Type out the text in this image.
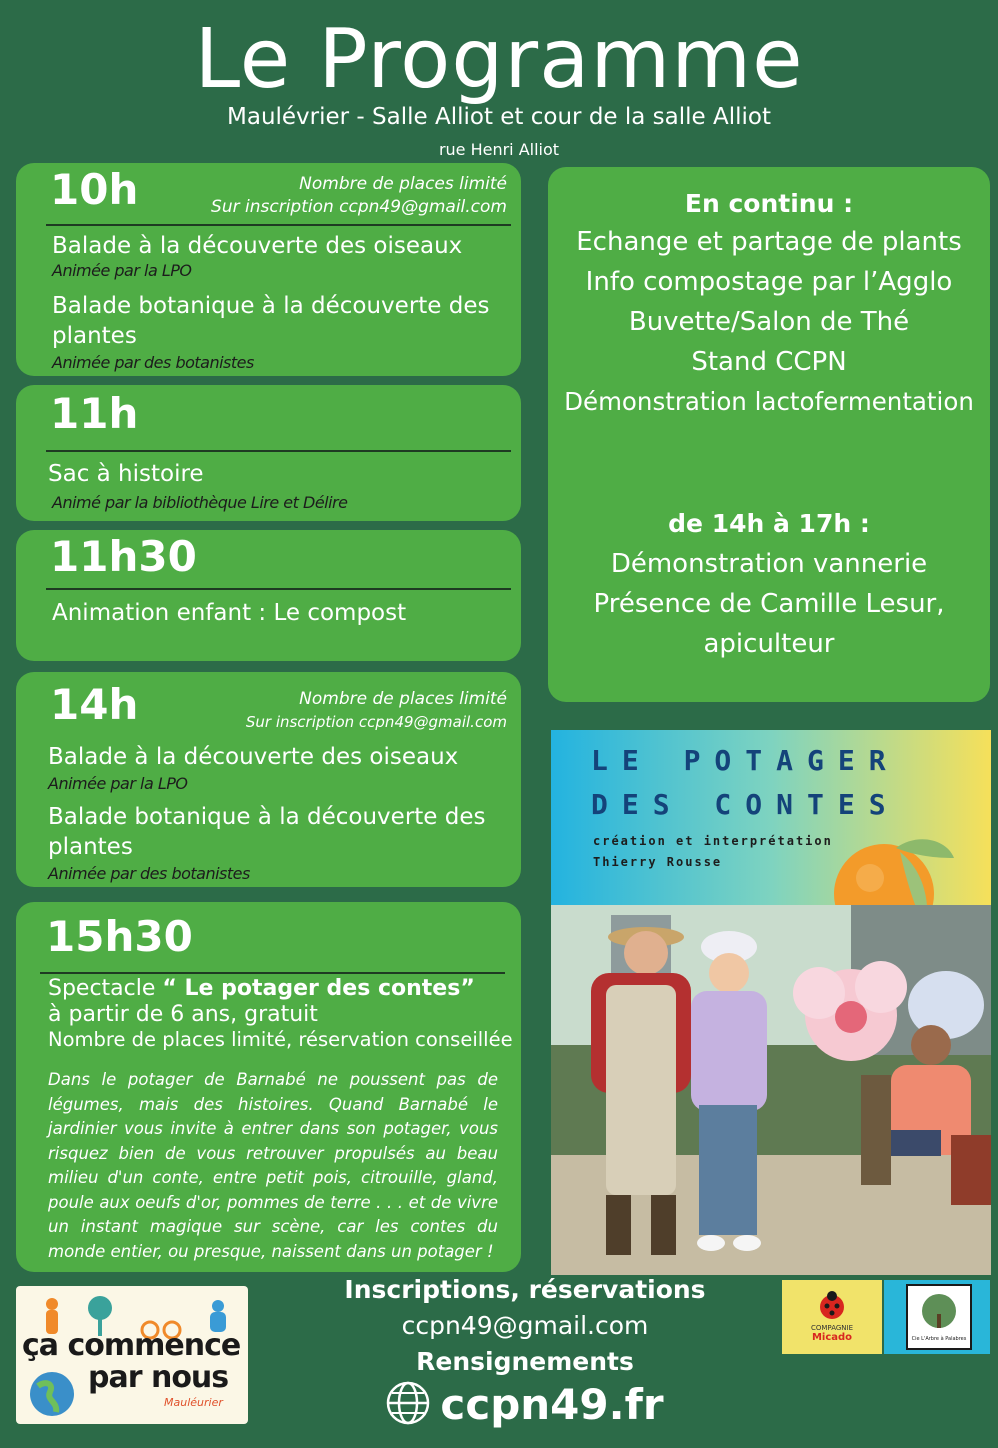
Le Programme
Maulévrier - Salle Alliot et cour de la salle Alliot
rue Henri Alliot
10h	Nombre de places limité
Sur inscription ccpn49@gmail.com
Balade à la découverte des oiseaux
Animée par la LPO
Balade botanique à la découverte des
plantes
Animée par des botanistes
11h
Sac à histoire
Animé par la bibliothèque Lire et Délire
11h30
Animation enfant : Le compost
14h	Nombre de places limité
Sur inscription ccpn49@gmail.com
Balade à la découverte des oiseaux
Animée par la LPO
Balade botanique à la découverte des
plantes
Animée par des botanistes
15h30
Spectacle “ Le potager des contes”
à partir de 6 ans, gratuit
Nombre de places limité, réservation conseillée
Dans le potager de Barnabé ne poussent pas de légumes, mais des histoires. Quand Barnabé le jardinier vous invite à entrer dans son potager, vous risquez bien de vous retrouver propulsés au beau milieu d'un conte, entre petit pois, citrouille, gland, poule aux oeufs d'or, pommes de terre . . . et de vivre un instant magique sur scène, car les contes du monde entier, ou presque, naissent dans un potager !
En continu :
Echange et partage de plants
Info compostage par l’Agglo
Buvette/Salon de Thé
Stand CCPN
Démonstration lactofermentation
de 14h à 17h :
Démonstration vannerie
Présence de Camille Lesur,
apiculteur
LE POTAGER
DES CONTES
création et interprétation
Thierry Rousse
ça commence
par nous
Mauléurier
Inscriptions, réservations
ccpn49@gmail.com
Rensignements
ccpn49.fr
COMPAGNIE
Micado	Cie L'Arbre à Palabres
